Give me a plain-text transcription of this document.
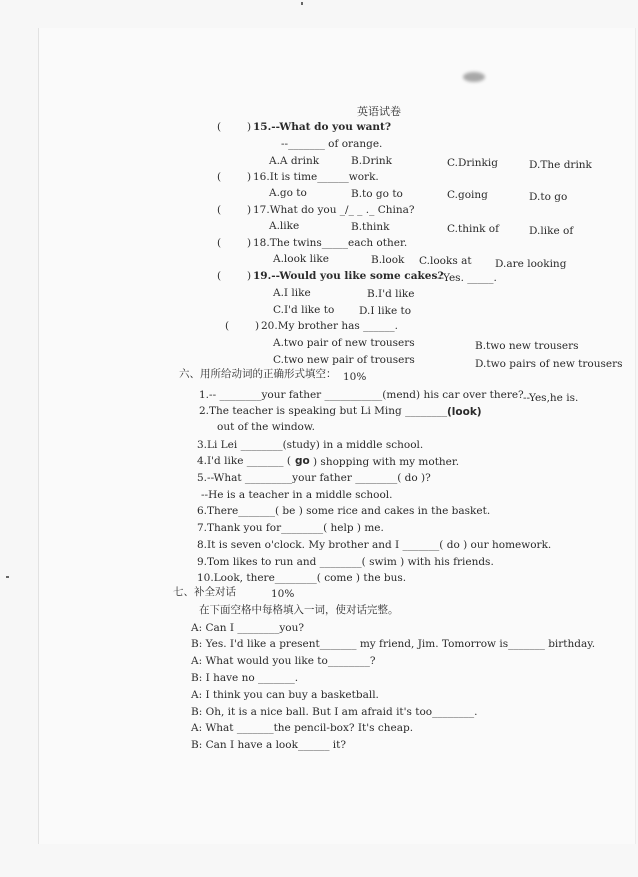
英语试卷
( ) 15.--What do you want?
--_______ of orange.
A.A drink	B.Drink	C.Drinkig	D.The drink
( ) 16.It is time______work.
A.go to	B.to go to	C.going	D.to go
( ) 17.What do you _/_ _ ._ China?
A.like	B.think	C.think of	D.like of
( ) 18.The twins_____each other.
A.look like	B.look C.looks at D.are looking
( ) 19.--Would you like some cakes?
--Yes. _____.
A.I like	B.I'd like
C.I'd like to D.I like to
( ) 20.My brother has ______.
A.two pair of new trousers	B.two new trousers
C.two new pair of trousers	D.two pairs of new trousers
六、用所给动词的正确形式填空： 10%
1.-- ________your father ___________(mend) his car over there? --Yes,he is.
2.The teacher is speaking but Li Ming ________ (look)
out of the window.
3.Li Lei ________(study) in a middle school.
4.I'd like _______ ( go ) shopping with my mother.
5.--What _________your father ________( do )?
--He is a teacher in a middle school.
6.There_______( be ) some rice and cakes in the basket.
7.Thank you for________( help ) me.
8.It is seven o'clock. My brother and I _______( do ) our homework.
9.Tom likes to run and ________( swim ) with his friends.
10.Look, there________( come ) the bus.
七、补全对话	10%
在下面空格中每格填入一词，使对话完整。
A: Can I ________you?
B: Yes. I'd like a present_______ my friend, Jim. Tomorrow is_______ birthday.
A: What would you like to________?
B: I have no _______.
A: I think you can buy a basketball.
B: Oh, it is a nice ball. But I am afraid it's too________.
A: What _______the pencil-box? It's cheap.
B: Can I have a look______ it?
